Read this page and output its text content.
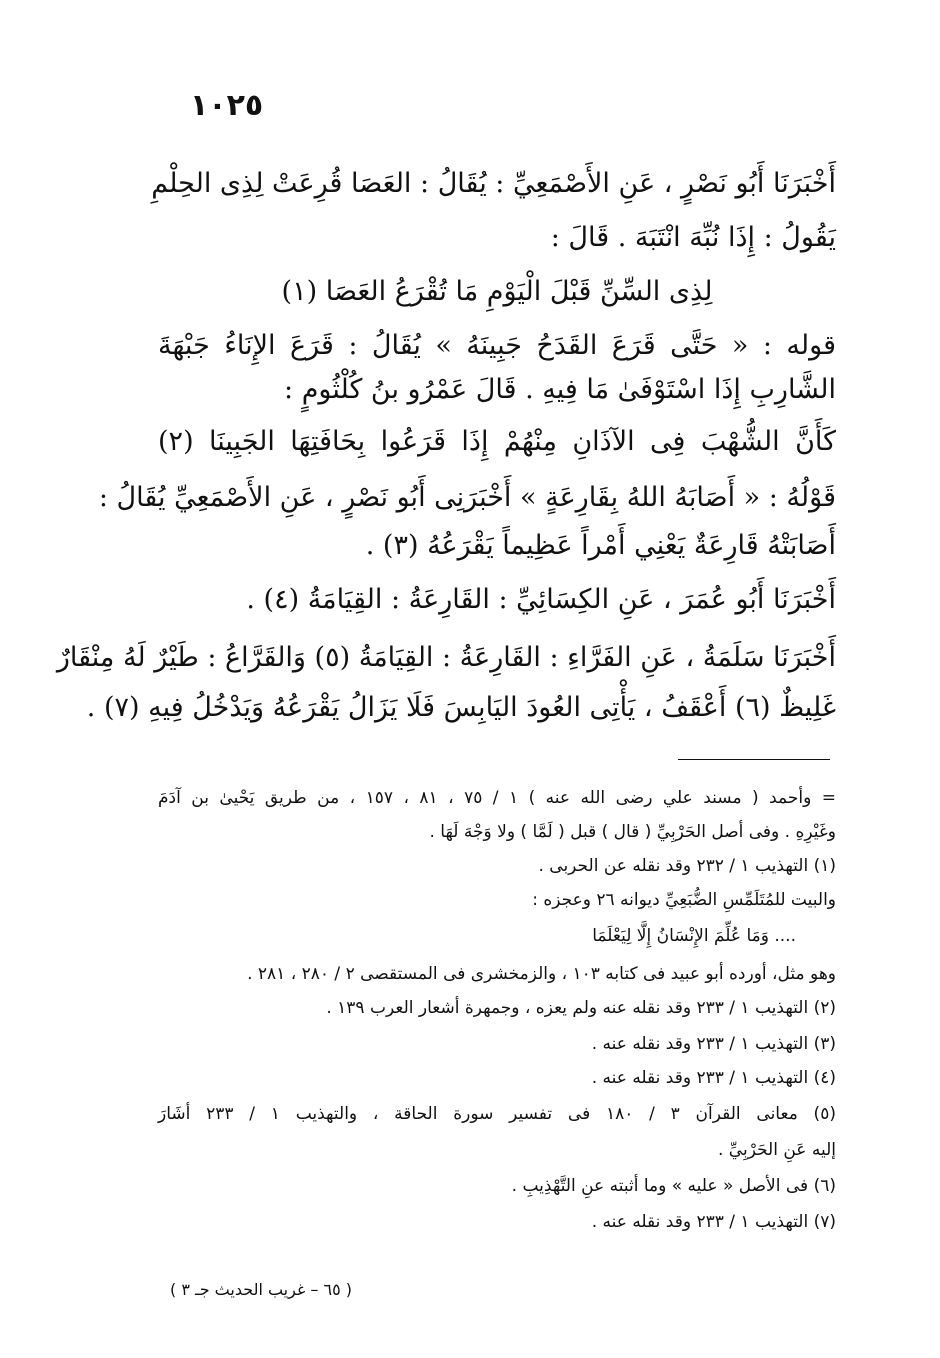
١٠٢٥
أَخْبَرَنَا أَبُو نَصْرٍ ، عَنِ الأَصْمَعِيِّ : يُقَالُ : العَصَا قُرِعَتْ لِذِى الحِلْمِ
يَقُولُ : إِذَا نُبِّهَ انْتَبَهَ . قَالَ :
لِذِى السِّنِّ قَبْلَ الْيَوْمِ مَا تُقْرَعُ العَصَا (١)
قوله : « حَتَّى قَرَعَ القَدَحُ جَبِينَهُ » يُقَالُ : قَرَعَ الإِنَاءُ جَبْهَةَ
الشَّارِبِ إِذَا اسْتَوْفَىٰ مَا فِيهِ . قَالَ عَمْرُو بنُ كُلْثُومٍ :
كَأَنَّ الشُّهْبَ فِى الآذَانِ مِنْهُمْ إِذَا قَرَعُوا بِحَافَتِهَا الجَبِينَا (٢)
قَوْلُهُ : « أَصَابَهُ اللهُ بِقَارِعَةٍ » أَخْبَرَنِى أَبُو نَصْرٍ ، عَنِ الأَصْمَعِيِّ يُقَالُ :
أَصَابَتْهُ قَارِعَةٌ يَعْنِي أَمْراً عَظِيماً يَقْرَعُهُ (٣) .
أَخْبَرَنَا أَبُو عُمَرَ ، عَنِ الكِسَائِيِّ : القَارِعَةُ : القِيَامَةُ (٤) .
أَخْبَرَنَا سَلَمَةُ ، عَنِ الفَرَّاءِ : القَارِعَةُ : القِيَامَةُ (٥) وَالقَرَّاعُ : طَيْرٌ لَهُ مِنْقَارٌ
غَلِيظٌ (٦) أَعْقَفُ ، يَأْتِى العُودَ اليَابِسَ فَلَا يَزَالُ يَقْرَعُهُ وَيَدْخُلُ فِيهِ (٧) .
= وأحمد ( مسند علي رضى الله عنه ) ١ / ٧٥ ، ٨١ ، ١٥٧ ، من طريق يَحْيىٰ بن آدَمَ
وغَيْرِهِ . وفى أصل الحَرْبِيِّ ( قال ) قبل ( لَمَّا ) ولا وَجْهَ لَهَا .
(١) التهذيب ١ / ٢٣٢ وقد نقله عن الحربى .
والبيت للمُتَلَمِّسِ الضُّبَعِيِّ ديوانه ٢٦ وعجزه :
.... وَمَا عُلِّمَ الإِنْسَانُ إِلَّا لِيَعْلَمَا
وهو مثل، أورده أبو عبيد فى كتابه ١٠٣ ، والزمخشرى فى المستقصى ٢ / ٢٨٠ ، ٢٨١ .
(٢) التهذيب ١ / ٢٣٣ وقد نقله عنه ولم يعزه ، وجمهرة أشعار العرب ١٣٩ .
(٣) التهذيب ١ / ٢٣٣ وقد نقله عنه .
(٤) التهذيب ١ / ٢٣٣ وقد نقله عنه .
(٥) معانى القرآن ٣ / ١٨٠ فى تفسير سورة الحاقة ، والتهذيب ١ / ٢٣٣ أشَارَ
إليه عَنِ الحَرْبِيِّ .
(٦) فى الأصل « عليه » وما أثبته عنِ التَّهْذِيبِ .
(٧) التهذيب ١ / ٢٣٣ وقد نقله عنه .
( ٦٥ – غريب الحديث جـ ٣ )
